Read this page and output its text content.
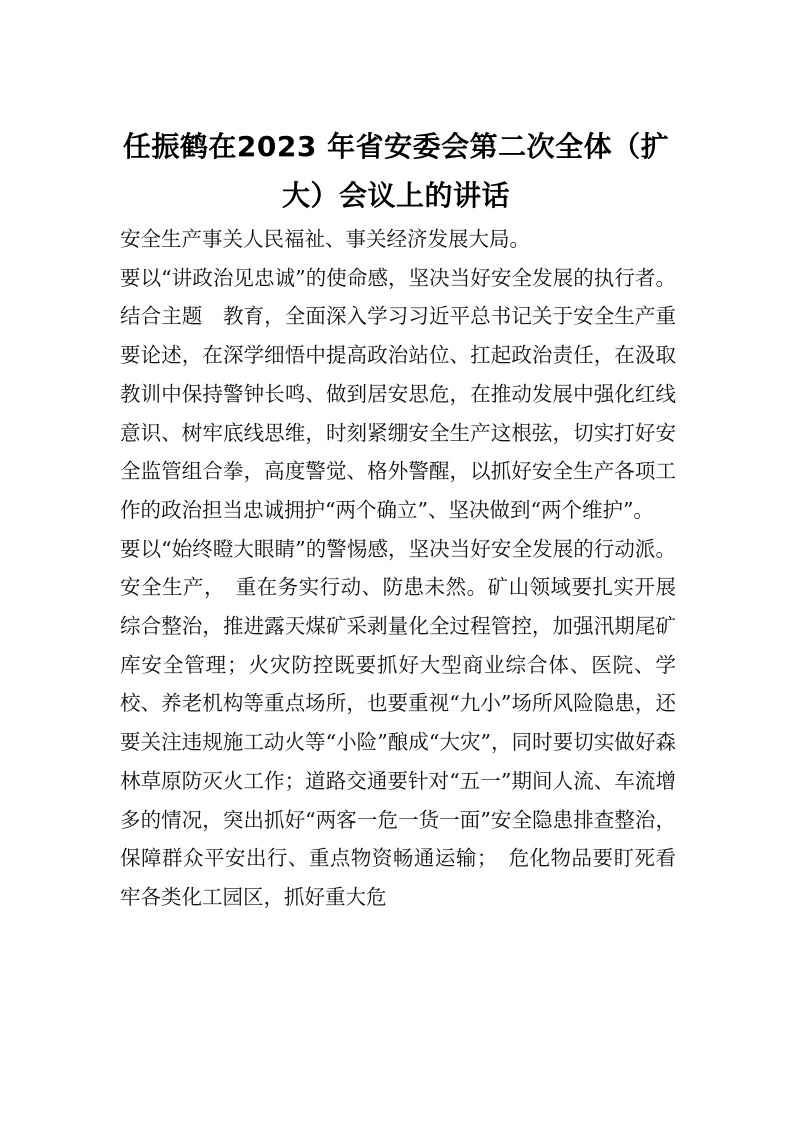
任振鹤在2023 年省安委会第二次全体（扩大）会议上的讲话

安全生产事关人民福祉、事关经济发展大局。

要以“讲政治见忠诚”的使命感，坚决当好安全发展的执行者。结合主题　教育，全面深入学习习近平总书记关于安全生产重要论述，在深学细悟中提高政治站位、扛起政治责任，在汲取教训中保持警钟长鸣、做到居安思危，在推动发展中强化红线意识、树牢底线思维，时刻紧绷安全生产这根弦，切实打好安全监管组合拳，高度警觉、格外警醒，以抓好安全生产各项工作的政治担当忠诚拥护“两个确立”、坚决做到“两个维护”。

要以“始终瞪大眼睛”的警惕感，坚决当好安全发展的行动派。安全生产，　重在务实行动、防患未然。矿山领域要扎实开展综合整治，推进露天煤矿采剥量化全过程管控，加强汛期尾矿库安全管理；火灾防控既要抓好大型商业综合体、医院、学校、养老机构等重点场所，也要重视“九小”场所风险隐患，还要关注违规施工动火等“小险”酿成“大灾”，同时要切实做好森林草原防灭火工作；道路交通要针对“五一”期间人流、车流增多的情况，突出抓好“两客一危一货一面”安全隐患排查整治，保障群众平安出行、重点物资畅通运输；　危化物品要盯死看牢各类化工园区，抓好重大危
